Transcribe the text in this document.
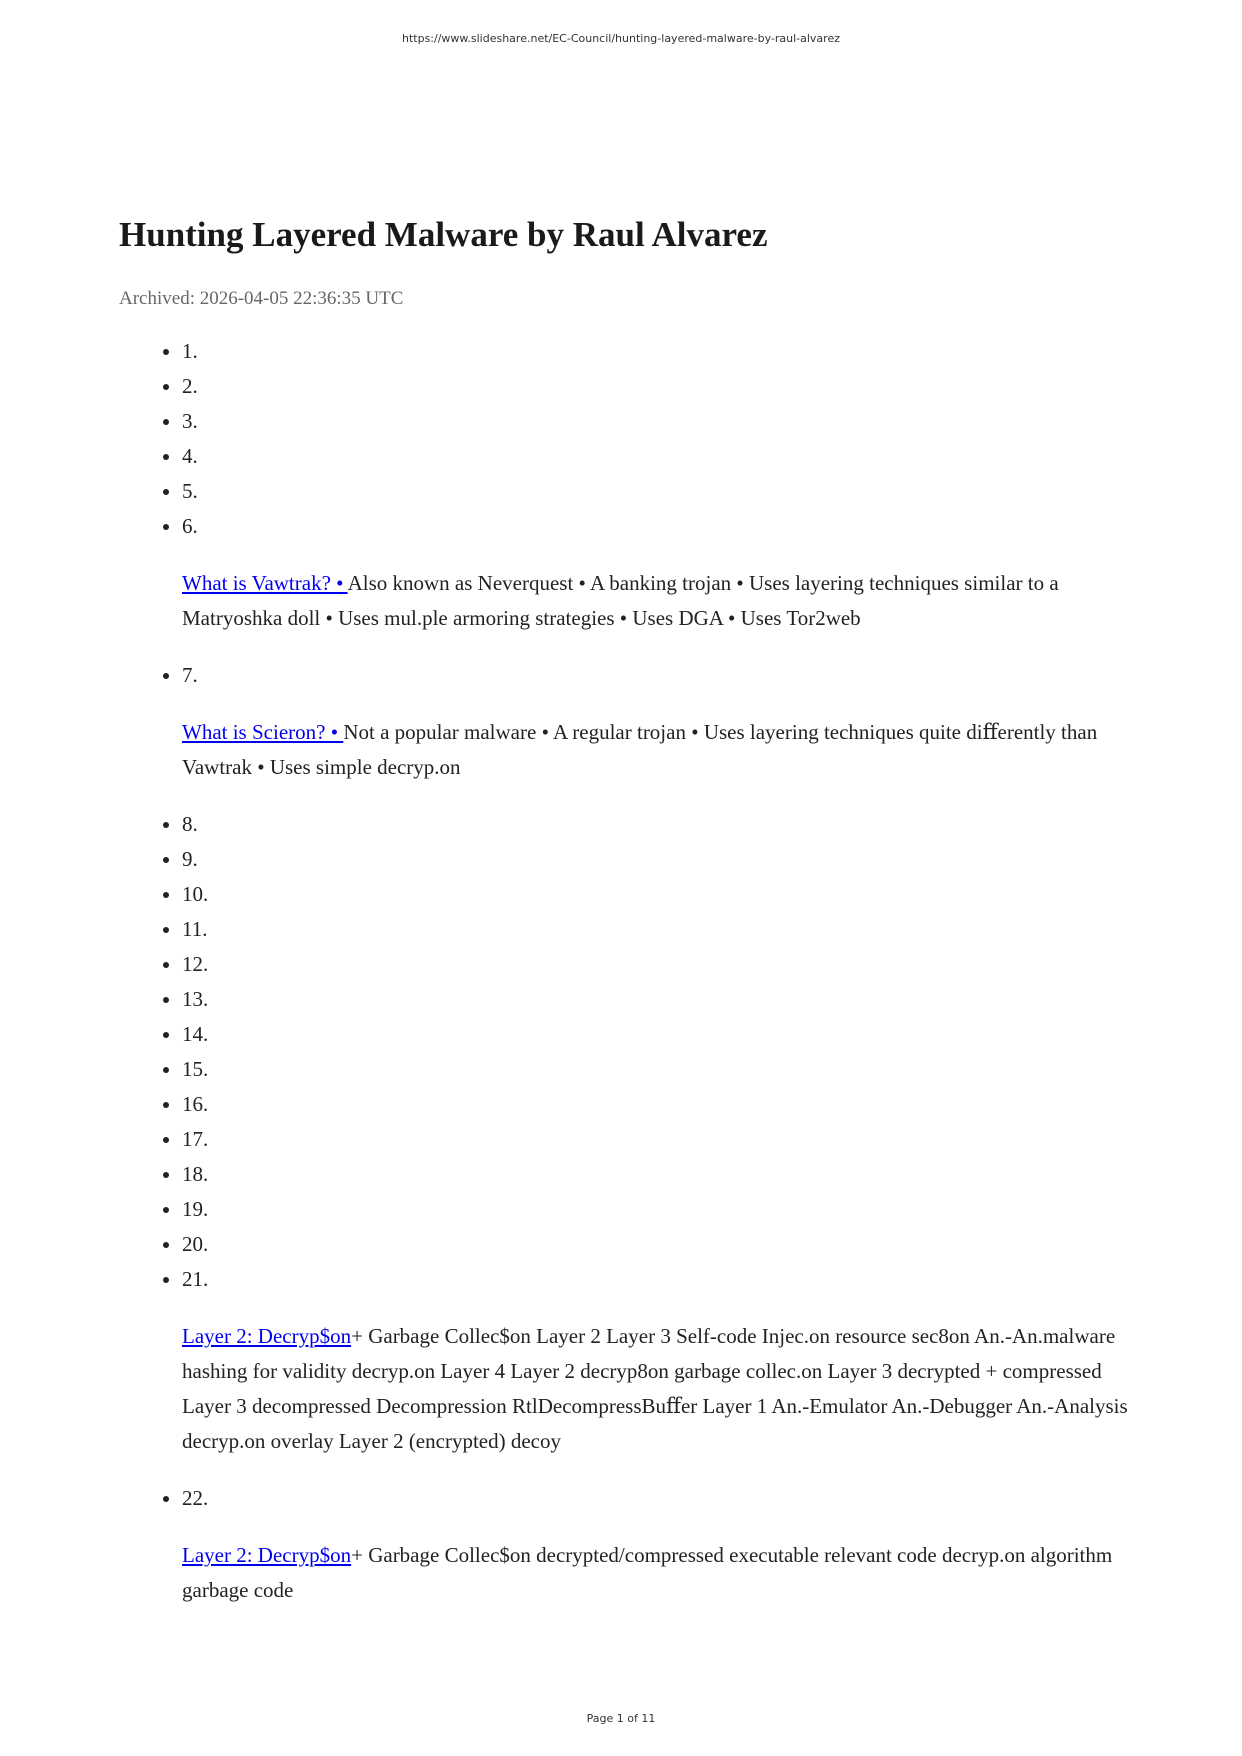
https://www.slideshare.net/EC-Council/hunting-layered-malware-by-raul-alvarez
Hunting Layered Malware by Raul Alvarez
Archived: 2026-04-05 22:36:35 UTC
• 1.
• 2.
• 3.
• 4.
• 5.
• 6.

What is Vawtrak? • Also known as Neverquest • A banking trojan • Uses layering techniques similar to a Matryoshka doll • Uses mul.ple armoring strategies • Uses DGA • Uses Tor2web

• 7.

What is Scieron? • Not a popular malware • A regular trojan • Uses layering techniques quite diﬀerently than Vawtrak • Uses simple decryp.on

• 8.
• 9.
• 10.
• 11.
• 12.
• 13.
• 14.
• 15.
• 16.
• 17.
• 18.
• 19.
• 20.
• 21.

Layer 2: Decryp$on+ Garbage Collec$on Layer 2 Layer 3 Self-code Injec.on resource sec8on An.-An.malware hashing for validity decryp.on Layer 4 Layer 2 decryp8on garbage collec.on Layer 3 decrypted + compressed Layer 3 decompressed Decompression RtlDecompressBuﬀer Layer 1 An.-Emulator An.-Debugger An.-Analysis decryp.on overlay Layer 2 (encrypted) decoy

• 22.

Layer 2: Decryp$on+ Garbage Collec$on decrypted/compressed executable relevant code decryp.on algorithm garbage code

Page 1 of 11
